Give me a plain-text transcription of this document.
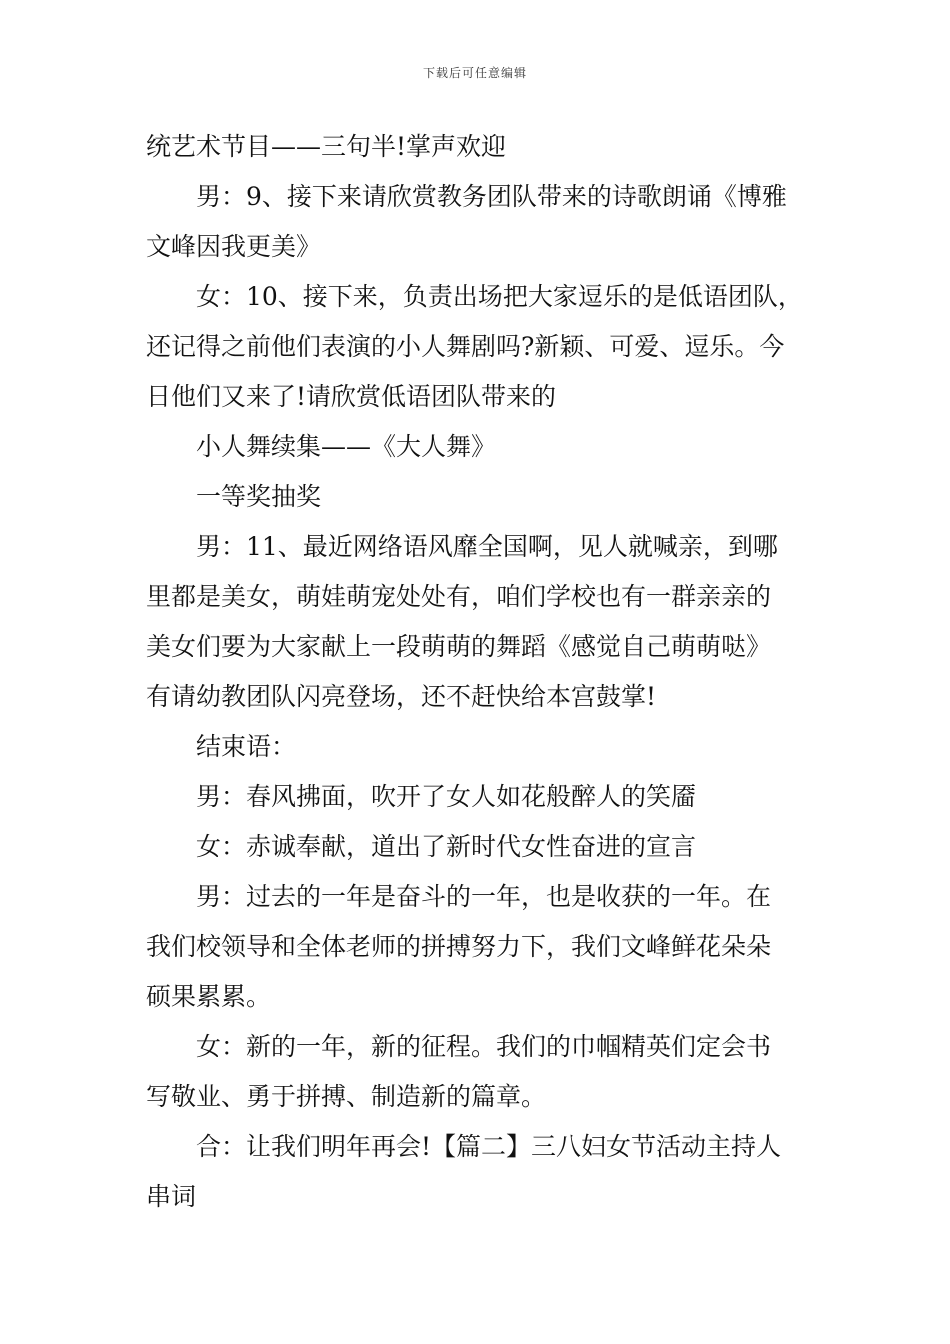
下载后可任意编辑
统艺术节目——三句半!掌声欢迎
男：9、接下来请欣赏教务团队带来的诗歌朗诵《博雅
文峰因我更美》
女：10、接下来，负责出场把大家逗乐的是低语团队，
还记得之前他们表演的小人舞剧吗?新颖、可爱、逗乐。今
日他们又来了!请欣赏低语团队带来的
小人舞续集——《大人舞》
一等奖抽奖
男：11、最近网络语风靡全国啊，见人就喊亲，到哪
里都是美女，萌娃萌宠处处有，咱们学校也有一群亲亲的
美女们要为大家献上一段萌萌的舞蹈《感觉自己萌萌哒》
有请幼教团队闪亮登场，还不赶快给本宫鼓掌!
结束语：
男：春风拂面，吹开了女人如花般醉人的笑靥
女：赤诚奉献，道出了新时代女性奋进的宣言
男：过去的一年是奋斗的一年，也是收获的一年。在
我们校领导和全体老师的拼搏努力下，我们文峰鲜花朵朵
硕果累累。
女：新的一年，新的征程。我们的巾帼精英们定会书
写敬业、勇于拼搏、制造新的篇章。
合：让我们明年再会!【篇二】三八妇女节活动主持人
串词
